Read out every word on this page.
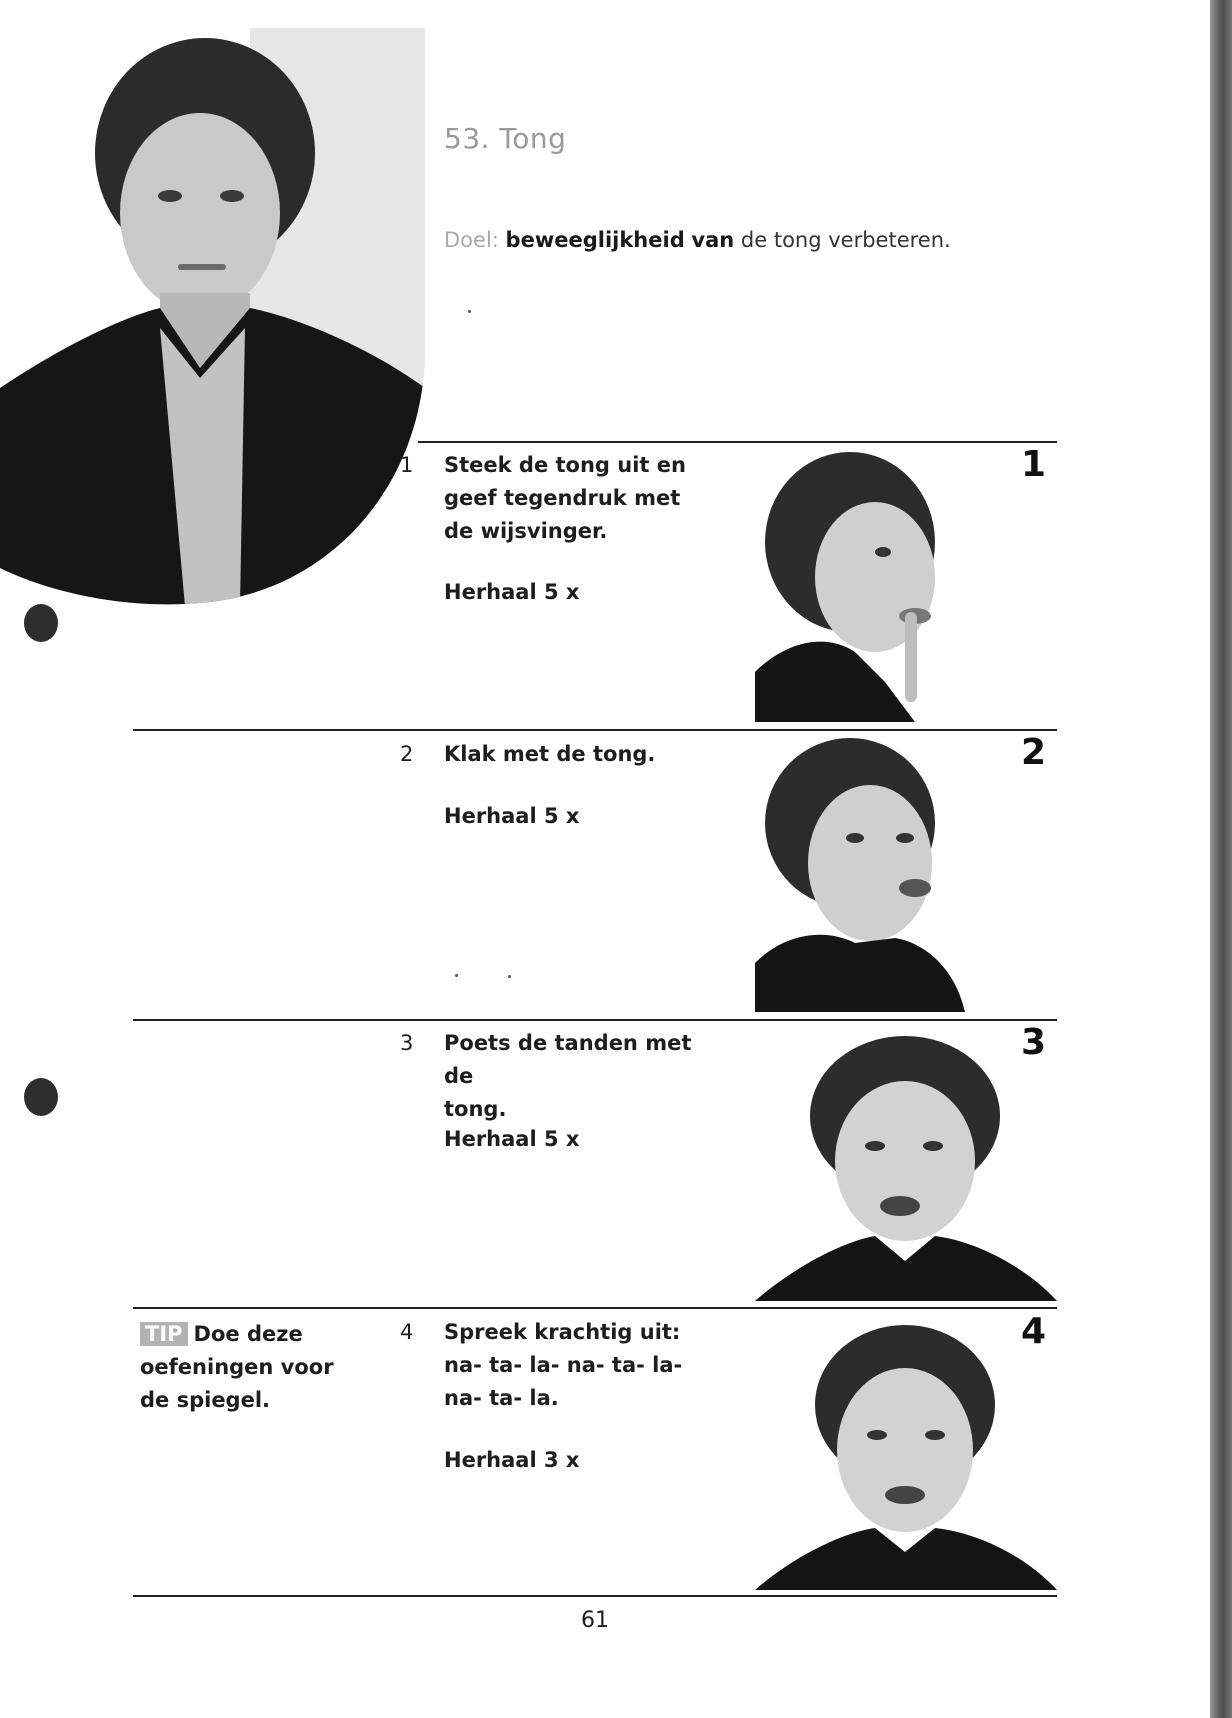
53. Tong
Doel: beweeglijkheid van de tong verbeteren.
1 Steek de tong uit en
geef tegendruk met
de wijsvinger.
Herhaal 5 x
1
2 Klak met de tong.
Herhaal 5 x
2
3 Poets de tanden met de
tong.
Herhaal 5 x
3
TIP Doe deze
oefeningen voor
de spiegel.
4 Spreek krachtig uit:
na- ta- la- na- ta- la-
na- ta- la.
Herhaal 3 x
4
61
